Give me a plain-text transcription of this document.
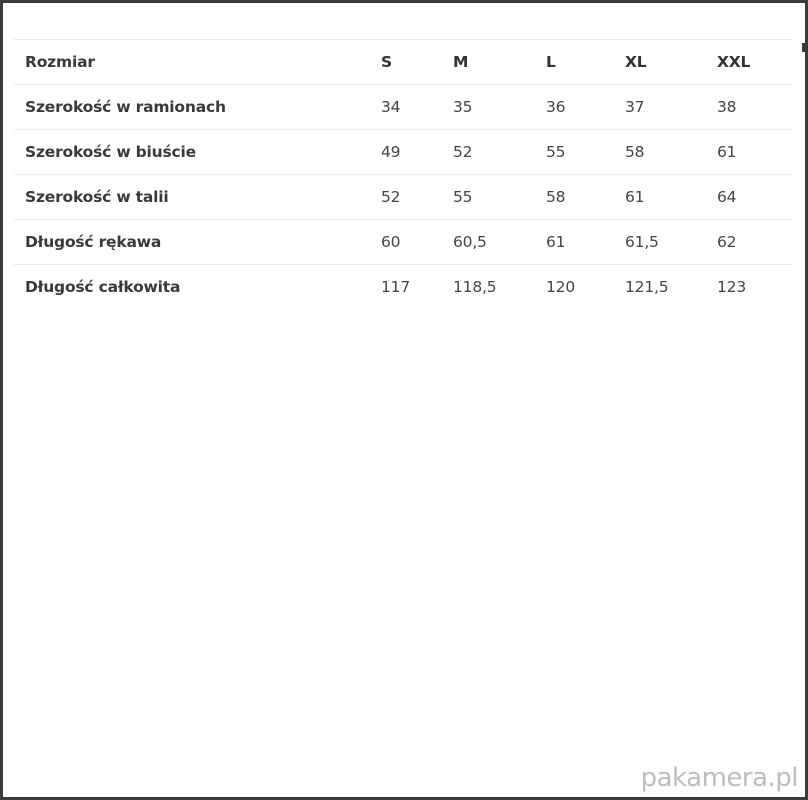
Rozmiar	S	M	L	XL	XXL
Szerokość w ramionach	34	35	36	37	38
Szerokość w biuście	49	52	55	58	61
Szerokość w talii	52	55	58	61	64
Długość rękawa	60	60,5	61	61,5	62
Długość całkowita	117	118,5	120	121,5	123
pakamera.pl
